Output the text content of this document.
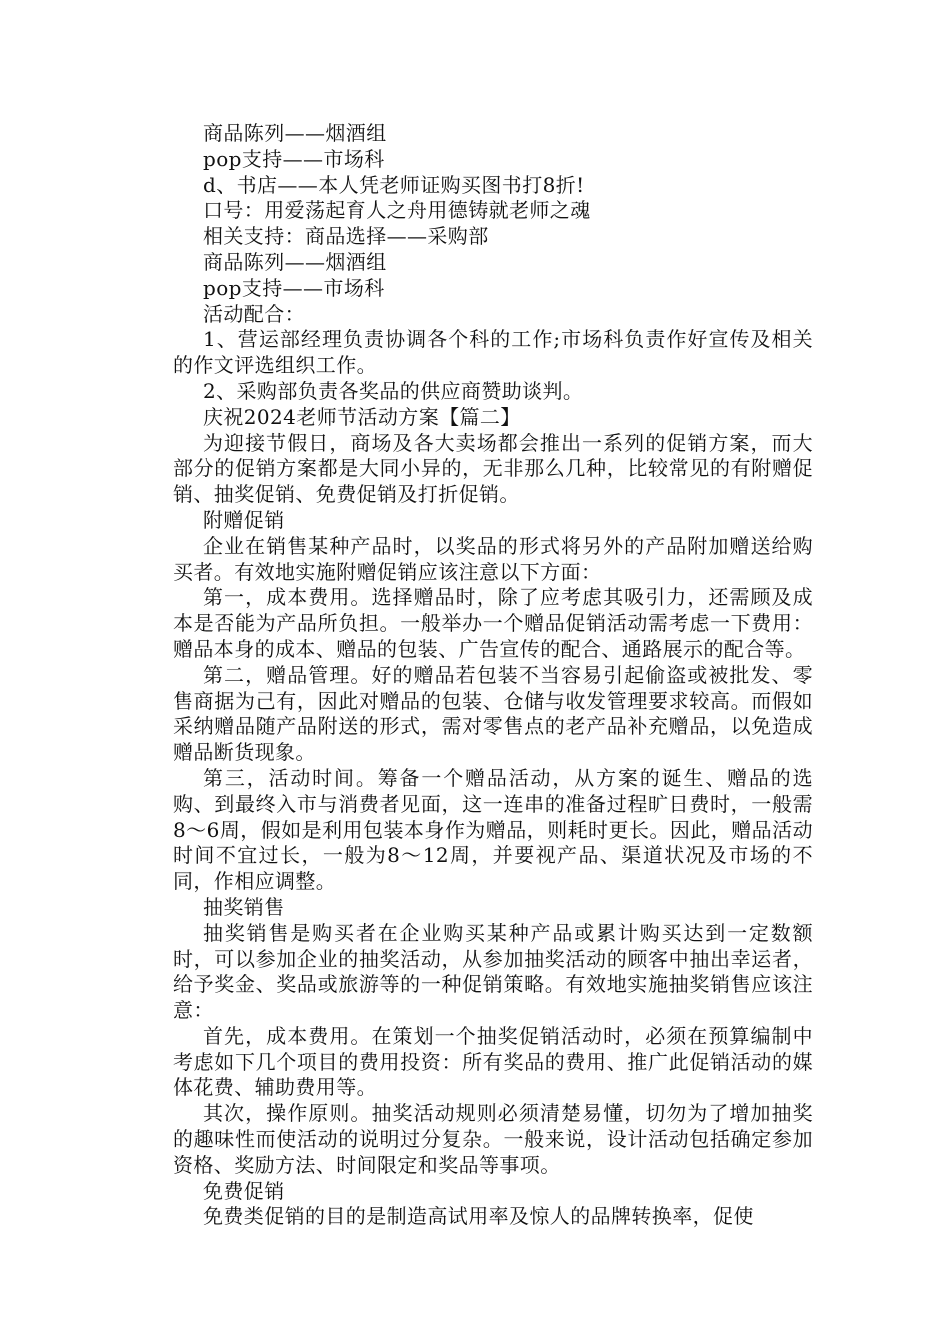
商品陈列——烟酒组

pop支持——市场科

d、书店——本人凭老师证购买图书打8折!

口号：用爱荡起育人之舟用德铸就老师之魂

相关支持：商品选择——采购部

商品陈列——烟酒组

pop支持——市场科

活动配合：

1、营运部经理负责协调各个科的工作;市场科负责作好宣传及相关的作文评选组织工作。

2、采购部负责各奖品的供应商赞助谈判。

庆祝2024老师节活动方案【篇二】

为迎接节假日，商场及各大卖场都会推出一系列的促销方案，而大部分的促销方案都是大同小异的，无非那么几种，比较常见的有附赠促销、抽奖促销、免费促销及打折促销。

附赠促销

企业在销售某种产品时，以奖品的形式将另外的产品附加赠送给购买者。有效地实施附赠促销应该注意以下方面：

第一，成本费用。选择赠品时，除了应考虑其吸引力，还需顾及成本是否能为产品所负担。一般举办一个赠品促销活动需考虑一下费用：赠品本身的成本、赠品的包装、广告宣传的配合、通路展示的配合等。

第二，赠品管理。好的赠品若包装不当容易引起偷盗或被批发、零售商据为己有，因此对赠品的包装、仓储与收发管理要求较高。而假如采纳赠品随产品附送的形式，需对零售点的老产品补充赠品，以免造成赠品断货现象。

第三，活动时间。筹备一个赠品活动，从方案的诞生、赠品的选购、到最终入市与消费者见面，这一连串的准备过程旷日费时，一般需8～6周，假如是利用包装本身作为赠品，则耗时更长。因此，赠品活动时间不宜过长，一般为8～12周，并要视产品、渠道状况及市场的不同，作相应调整。

抽奖销售

抽奖销售是购买者在企业购买某种产品或累计购买达到一定数额时，可以参加企业的抽奖活动，从参加抽奖活动的顾客中抽出幸运者，给予奖金、奖品或旅游等的一种促销策略。有效地实施抽奖销售应该注意：

首先，成本费用。在策划一个抽奖促销活动时，必须在预算编制中考虑如下几个项目的费用投资：所有奖品的费用、推广此促销活动的媒体花费、辅助费用等。

其次，操作原则。抽奖活动规则必须清楚易懂，切勿为了增加抽奖的趣味性而使活动的说明过分复杂。一般来说，设计活动包括确定参加资格、奖励方法、时间限定和奖品等事项。

免费促销

免费类促销的目的是制造高试用率及惊人的品牌转换率，促使
